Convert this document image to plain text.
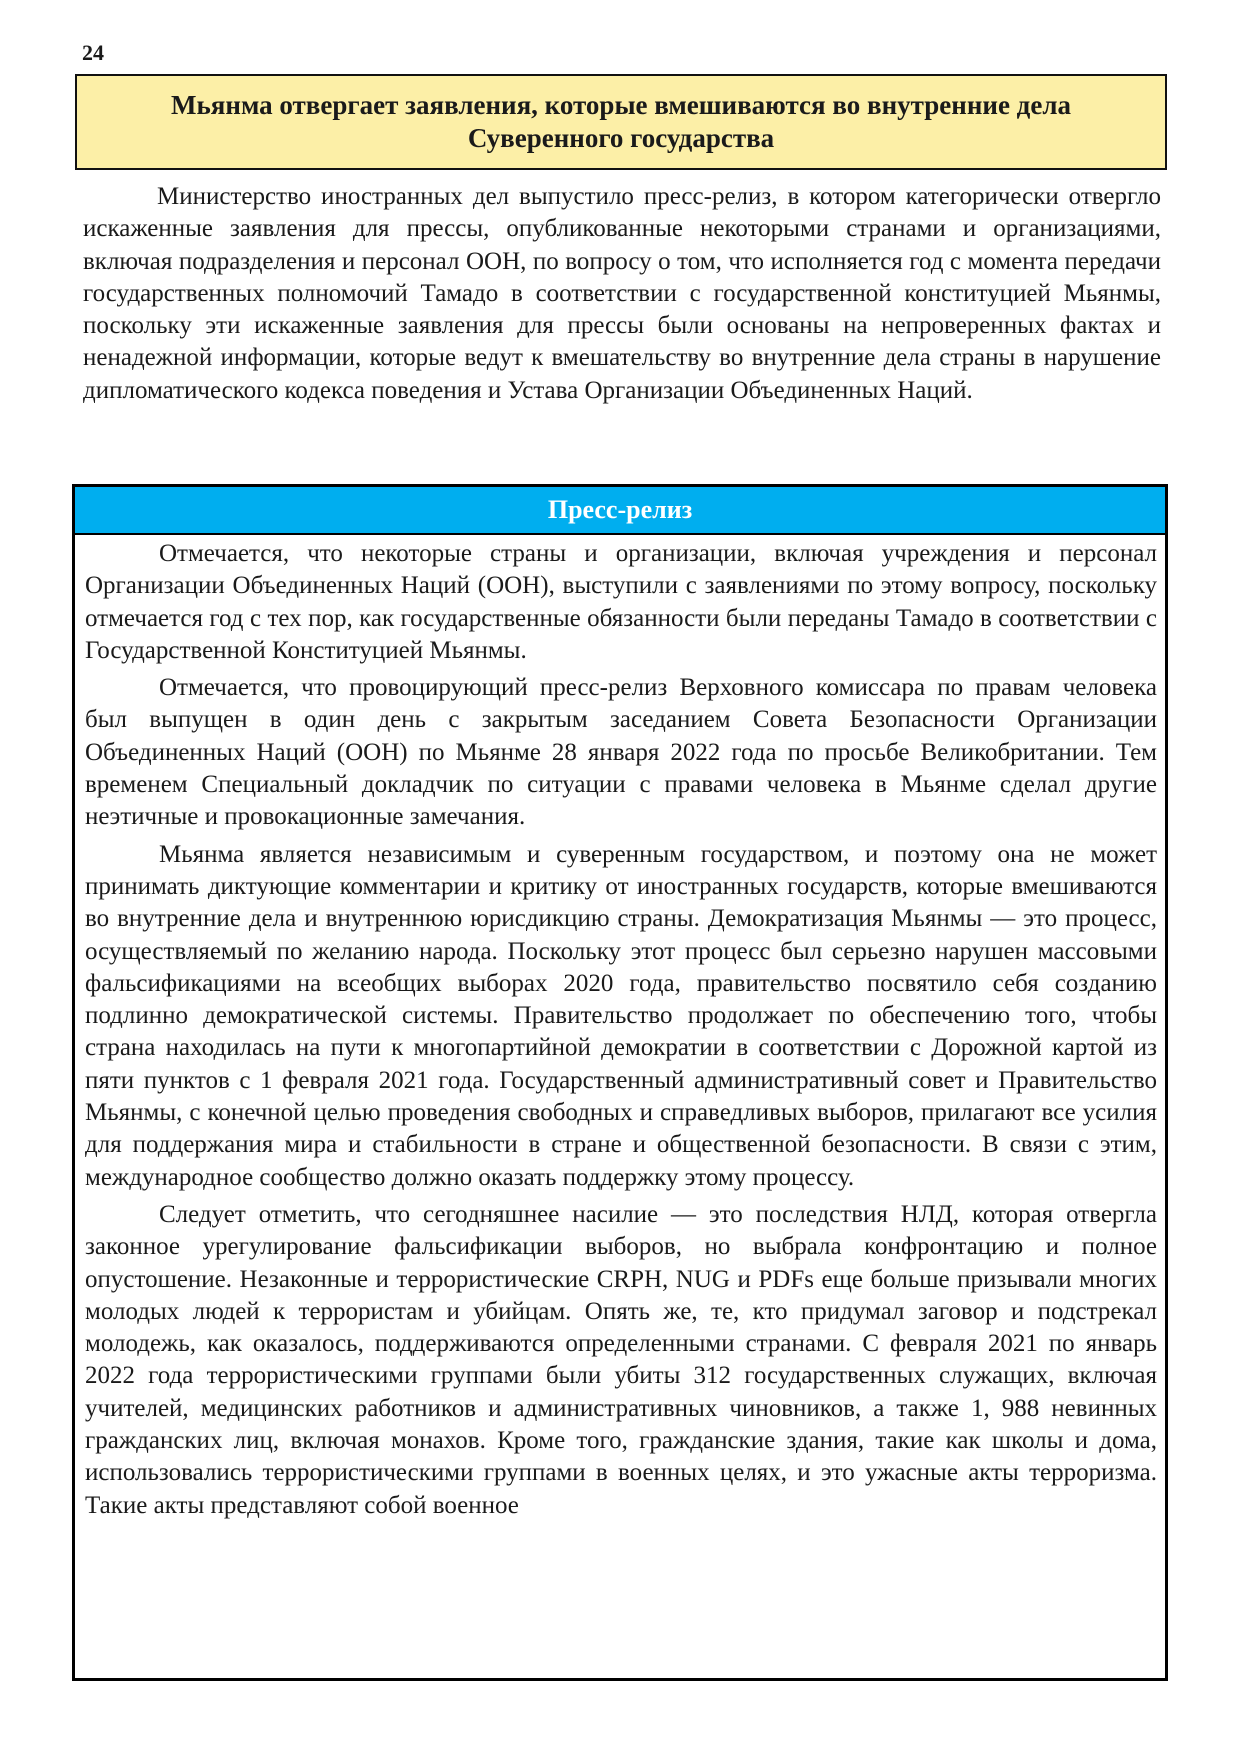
24
Мьянма отвергает заявления, которые вмешиваются во внутренние дела Суверенного государства

Министерство иностранных дел выпустило пресс-релиз, в котором категорически отвергло искаженные заявления для прессы, опубликованные некоторыми странами и организациями, включая подразделения и персонал ООН, по вопросу о том, что исполняется год с момента передачи государственных полномочий Тамадо в соответствии с государственной конституцией Мьянмы, поскольку эти искаженные заявления для прессы были основаны на непроверенных фактах и ненадежной информации, которые ведут к вмешательству во внутренние дела страны в нарушение дипломатического кодекса поведения и Устава Организации Объединенных Наций.

Пресс-релиз

Отмечается, что некоторые страны и организации, включая учреждения и персонал Организации Объединенных Наций (ООН), выступили с заявлениями по этому вопросу, поскольку отмечается год с тех пор, как государственные обязанности были переданы Тамадо в соответствии с Государственной Конституцией Мьянмы.

Отмечается, что провоцирующий пресс-релиз Верховного комиссара по правам человека был выпущен в один день с закрытым заседанием Совета Безопасности Организации Объединенных Наций (ООН) по Мьянме 28 января 2022 года по просьбе Великобритании. Тем временем Специальный докладчик по ситуации с правами человека в Мьянме сделал другие неэтичные и провокационные замечания.

Мьянма является независимым и суверенным государством, и поэтому она не может принимать диктующие комментарии и критику от иностранных государств, которые вмешиваются во внутренние дела и внутреннюю юрисдикцию страны. Демократизация Мьянмы — это процесс, осуществляемый по желанию народа. Поскольку этот процесс был серьезно нарушен массовыми фальсификациями на всеобщих выборах 2020 года, правительство посвятило себя созданию подлинно демократической системы. Правительство продолжает по обеспечению того, чтобы страна находилась на пути к многопартийной демократии в соответствии с Дорожной картой из пяти пунктов с 1 февраля 2021 года. Государственный административный совет и Правительство Мьянмы, с конечной целью проведения свободных и справедливых выборов, прилагают все усилия для поддержания мира и стабильности в стране и общественной безопасности. В связи с этим, международное сообщество должно оказать поддержку этому процессу.

Следует отметить, что сегодняшнее насилие — это последствия НЛД, которая отвергла законное урегулирование фальсификации выборов, но выбрала конфронтацию и полное опустошение. Незаконные и террористические CRPH, NUG и PDFs еще больше призывали многих молодых людей к террористам и убийцам. Опять же, те, кто придумал заговор и подстрекал молодежь, как оказалось, поддерживаются определенными странами. С февраля 2021 по январь 2022 года террористическими группами были убиты 312 государственных служащих, включая учителей, медицинских работников и административных чиновников, а также 1, 988 невинных гражданских лиц, включая монахов. Кроме того, гражданские здания, такие как школы и дома, использовались террористическими группами в военных целях, и это ужасные акты терроризма. Такие акты представляют собой военное
